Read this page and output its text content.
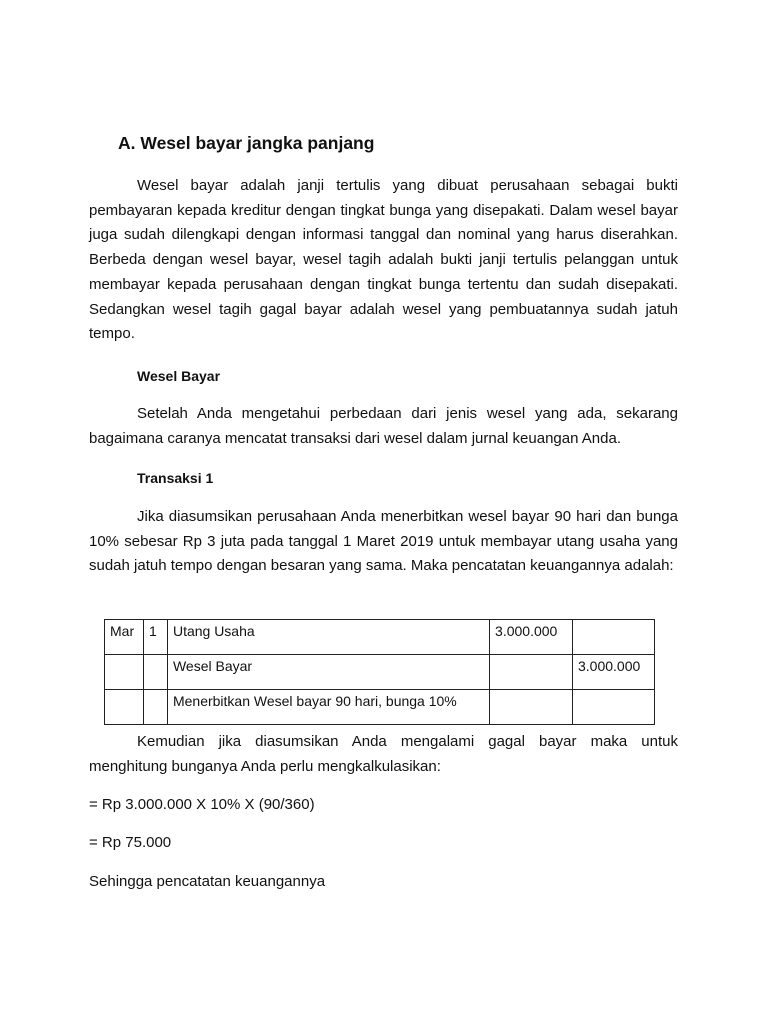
A. Wesel bayar jangka panjang

Wesel bayar adalah janji tertulis yang dibuat perusahaan sebagai bukti pembayaran kepada kreditur dengan tingkat bunga yang disepakati. Dalam wesel bayar juga sudah dilengkapi dengan informasi tanggal dan nominal yang harus diserahkan. Berbeda dengan wesel bayar, wesel tagih adalah bukti janji tertulis pelanggan untuk membayar kepada perusahaan dengan tingkat bunga tertentu dan sudah disepakati. Sedangkan wesel tagih gagal bayar adalah wesel yang pembuatannya sudah jatuh tempo.

Wesel Bayar

Setelah Anda mengetahui perbedaan dari jenis wesel yang ada, sekarang bagaimana caranya mencatat transaksi dari wesel dalam jurnal keuangan Anda.

Transaksi 1

Jika diasumsikan perusahaan Anda menerbitkan wesel bayar 90 hari dan bunga 10% sebesar Rp 3 juta pada tanggal 1 Maret 2019 untuk membayar utang usaha yang sudah jatuh tempo dengan besaran yang sama. Maka pencatatan keuangannya adalah:

Mar	1	Utang Usaha	3.000.000	
		Wesel Bayar		3.000.000
		Menerbitkan Wesel bayar 90 hari, bunga 10%		

Kemudian jika diasumsikan Anda mengalami gagal bayar maka untuk menghitung bunganya Anda perlu mengkalkulasikan:

= Rp 3.000.000 X 10% X (90/360)

= Rp 75.000

Sehingga pencatatan keuangannya
